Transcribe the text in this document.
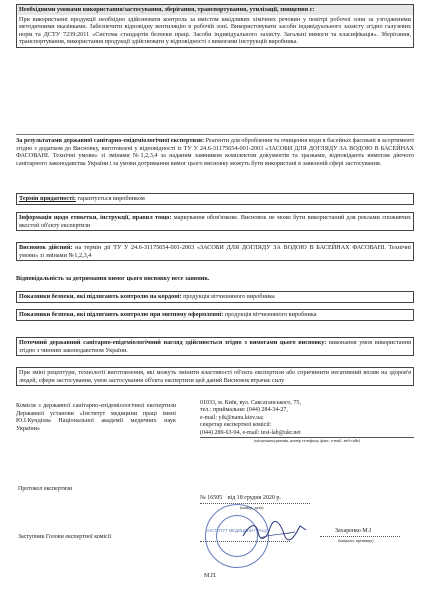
Необхідними умовами використання/застосування, зберігання, транспортування, утилізації, знищення є:
При використанні продукції необхідно здійснювати контроль за вмістом шкідливих хімічних речовин у повітрі робочої зони за узгодженими методичними вказівками. Забезпечити відповідну вентиляцію в робочій зоні. Використовувати засоби індивідуального захисту згідно галузевих норм та ДСТУ 7239:2011 «Система стандартів безпеки праці. Засоби індивідуального захисту. Загальні вимоги та класифікація». Зберігання, транспортування, використання продукції здійснювати у відповідності з вимогами інструкцій виробника.
За результатами державної санітарно-епідеміологічної експертизи: Реагенти для оброблення та очищення води в басейнах фасовані в асортименті згідно з додатком до Висновку, виготовлені у відповідності із ТУ У 24.6-31175654-001-2003 «ЗАСОБИ ДЛЯ ДОГЛЯДУ ЗА ВОДОЮ В БАСЕЙНАХ ФАСОВАНІ. Технічні умови» зі змінами №1,2,3,4 за наданим заявником комплектом документів та зразками, відповідають вимогам діючого санітарного законодавства України і за умови дотримання вимог цього висновку можуть бути використані в заявленій сфері застосування.
Термін придатності: гарантується виробником
Інформація щодо етикетки, інструкції, правил тощо: маркування обов'язкове. Висновок не може бути використаний для реклами споживчих якостей об'єкту експертизи
Висновок дійсний: на термін дії ТУ У 24.6-31175654-001-2003 «ЗАСОБИ ДЛЯ ДОГЛЯДУ ЗА ВОДОЮ В БАСЕЙНАХ ФАСОВАНІ. Технічні умови» зі змінами №1,2,3,4
Відповідальність за дотримання вимог цього висновку несе заявник.
Показники безпеки, які підлягають контролю на кордоні: продукція вітчизняного виробника
Показники безпеки, які підлягають контролю при митному оформленні: продукція вітчизняного виробника
Поточний державний санітарно-епідеміологічний нагляд здійснюється згідно з вимогами цього висновку: виконання умов використання згідно з чинним законодавством України.
При зміні рецептури, технології виготовлення, які можуть змінити властивості об'єкта експертизи або спричинити негативний вплив на здоров'я людей, сфери застосування, умов застосування об'єкта експертизи цей даний Висновок втрачає силу
Комісія з державної санітарно-епідеміологічної експертизи Державної установи «Інститут медицини праці імені Ю.І.Кундієва Національної академії медичних наук України»
01033, м. Київ, вул. Саксаганського, 75,
тел.: приймальня: (044) 284-34-27,
e-mail: yik@nanu.kiev.ua;
секретар експертної комісії:
(044) 289-63-94, e-mail: test-lab@ukr.net
(місцезнаходження, номер телефону, факс, e-mail, веб-сайт)
Протокол експертизи
№ 16505 від 18 грудня 2020 р.
(номер, дата)
ІНСТИТУТ МЕДИЦИНИ ПРАЦІ
Заступник Голови експертної комісії
Захаренко М.І
(ініціали, прізвище)
М.П.
